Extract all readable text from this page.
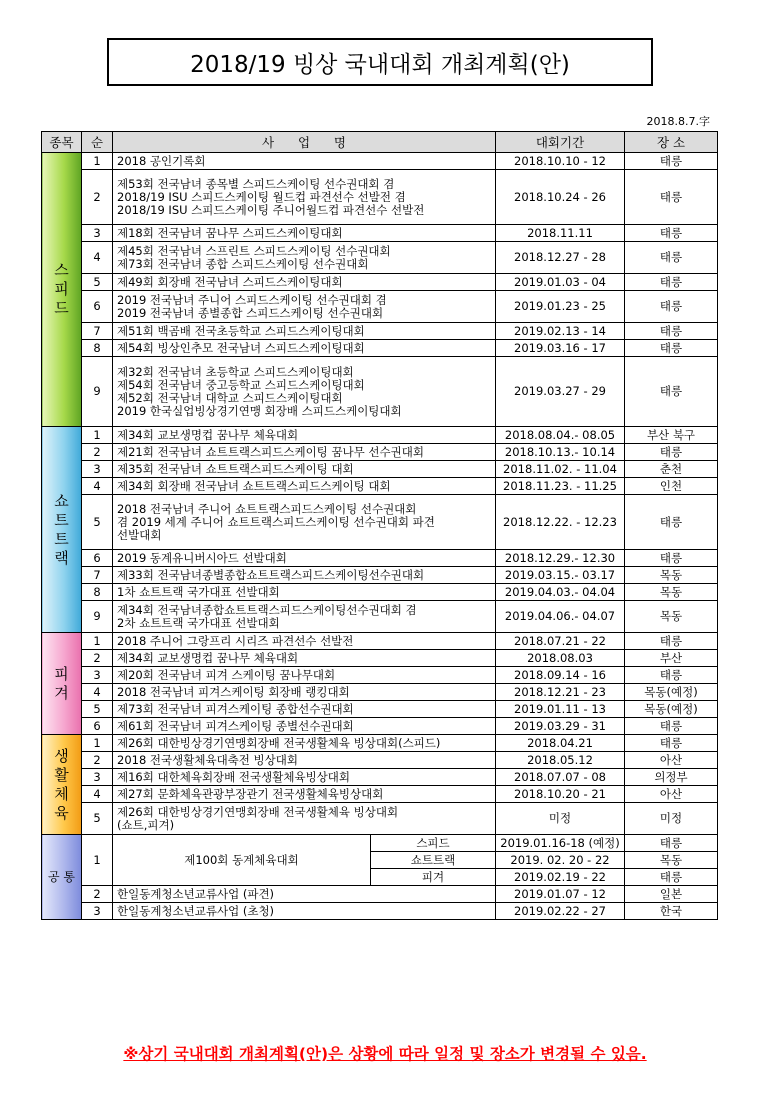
2018/19 빙상 국내대회 개최계획(안)
2018.8.7.字
종목	순	사      업      명		대회기간	장 소
스피드	1	2018 공인기록회		2018.10.10 - 12	태릉
	2	제53회 전국남녀 종목별 스피드스케이팅 선수권대회 겸
2018/19 ISU 스피드스케이팅 월드컵 파견선수 선발전 겸
2018/19 ISU 스피드스케이팅 주니어월드컵 파견선수 선발전		2018.10.24 - 26	태릉
	3	제18회 전국남녀 꿈나무 스피드스케이팅대회		2018.11.11	태릉
	4	제45회 전국남녀 스프린트 스피드스케이팅 선수권대회
제73회 전국남녀 종합 스피드스케이팅 선수권대회		2018.12.27 - 28	태릉
	5	제49회 회장배 전국남녀 스피드스케이팅대회		2019.01.03 - 04	태릉
	6	2019 전국남녀 주니어 스피드스케이팅 선수권대회 겸
2019 전국남녀 종별종합 스피드스케이팅 선수권대회		2019.01.23 - 25	태릉
	7	제51회 백곰배 전국초등학교 스피드스케이팅대회		2019.02.13 - 14	태릉
	8	제54회 빙상인추모 전국남녀 스피드스케이팅대회		2019.03.16 - 17	태릉
	9	제32회 전국남녀 초등학교 스피드스케이팅대회
제54회 전국남녀 중고등학교 스피드스케이팅대회
제52회 전국남녀 대학교 스피드스케이팅대회
2019 한국실업빙상경기연맹 회장배 스피드스케이팅대회		2019.03.27 - 29	태릉
쇼트트랙	1	제34회 교보생명컵 꿈나무 체육대회		2018.08.04.- 08.05	부산 북구
	2	제21회 전국남녀 쇼트트랙스피드스케이팅 꿈나무 선수권대회		2018.10.13.- 10.14	태릉
	3	제35회 전국남녀 쇼트트랙스피드스케이팅 대회		2018.11.02. - 11.04	춘천
	4	제34회 회장배 전국남녀 쇼트트랙스피드스케이팅 대회		2018.11.23. - 11.25	인천
	5	2018 전국남녀 주니어 쇼트트랙스피드스케이팅 선수권대회
겸 2019 세계 주니어 쇼트트랙스피드스케이팅 선수권대회 파견
선발대회		2018.12.22. - 12.23	태릉
	6	2019 동계유니버시아드 선발대회		2018.12.29.- 12.30	태릉
	7	제33회 전국남녀종별종합쇼트트랙스피드스케이팅선수권대회		2019.03.15.- 03.17	목동
	8	1차 쇼트트랙 국가대표 선발대회		2019.04.03.- 04.04	목동
	9	제34회 전국남녀종합쇼트트랙스피드스케이팅선수권대회 겸
2차 쇼트트랙 국가대표 선발대회		2019.04.06.- 04.07	목동
피겨	1	2018 주니어 그랑프리 시리즈 파견선수 선발전		2018.07.21 - 22	태릉
	2	제34회 교보생명컵 꿈나무 체육대회		2018.08.03	부산
	3	제20회 전국남녀 피겨 스케이팅 꿈나무대회		2018.09.14 - 16	태릉
	4	2018 전국남녀 피겨스케이팅 회장배 랭킹대회		2018.12.21 - 23	목동(예정)
	5	제73회 전국남녀 피겨스케이팅 종합선수권대회		2019.01.11 - 13	목동(예정)
	6	제61회 전국남녀 피겨스케이팅 종별선수권대회		2019.03.29 - 31	태릉
생활체육	1	제26회 대한빙상경기연맹회장배 전국생활체육 빙상대회(스피드)		2018.04.21	태릉
	2	2018 전국생활체육대축전 빙상대회		2018.05.12	아산
	3	제16회 대한체육회장배 전국생활체육빙상대회		2018.07.07 - 08	의정부
	4	제27회 문화체육관광부장관기 전국생활체육빙상대회		2018.10.20 - 21	아산
	5	제26회 대한빙상경기연맹회장배 전국생활체육 빙상대회
(쇼트,피겨)		미정	미정
공 통	1	제100회 동계체육대회	스피드	2019.01.16-18 (예정)	태릉
			쇼트트랙	2019. 02. 20 - 22	목동
			피겨	2019.02.19 - 22	태릉
	2	한일동계청소년교류사업 (파견)		2019.01.07 - 12	일본
	3	한일동계청소년교류사업 (초청)		2019.02.22 - 27	한국
※상기 국내대회 개최계획(안)은 상황에 따라 일정 및 장소가 변경될 수 있음.
